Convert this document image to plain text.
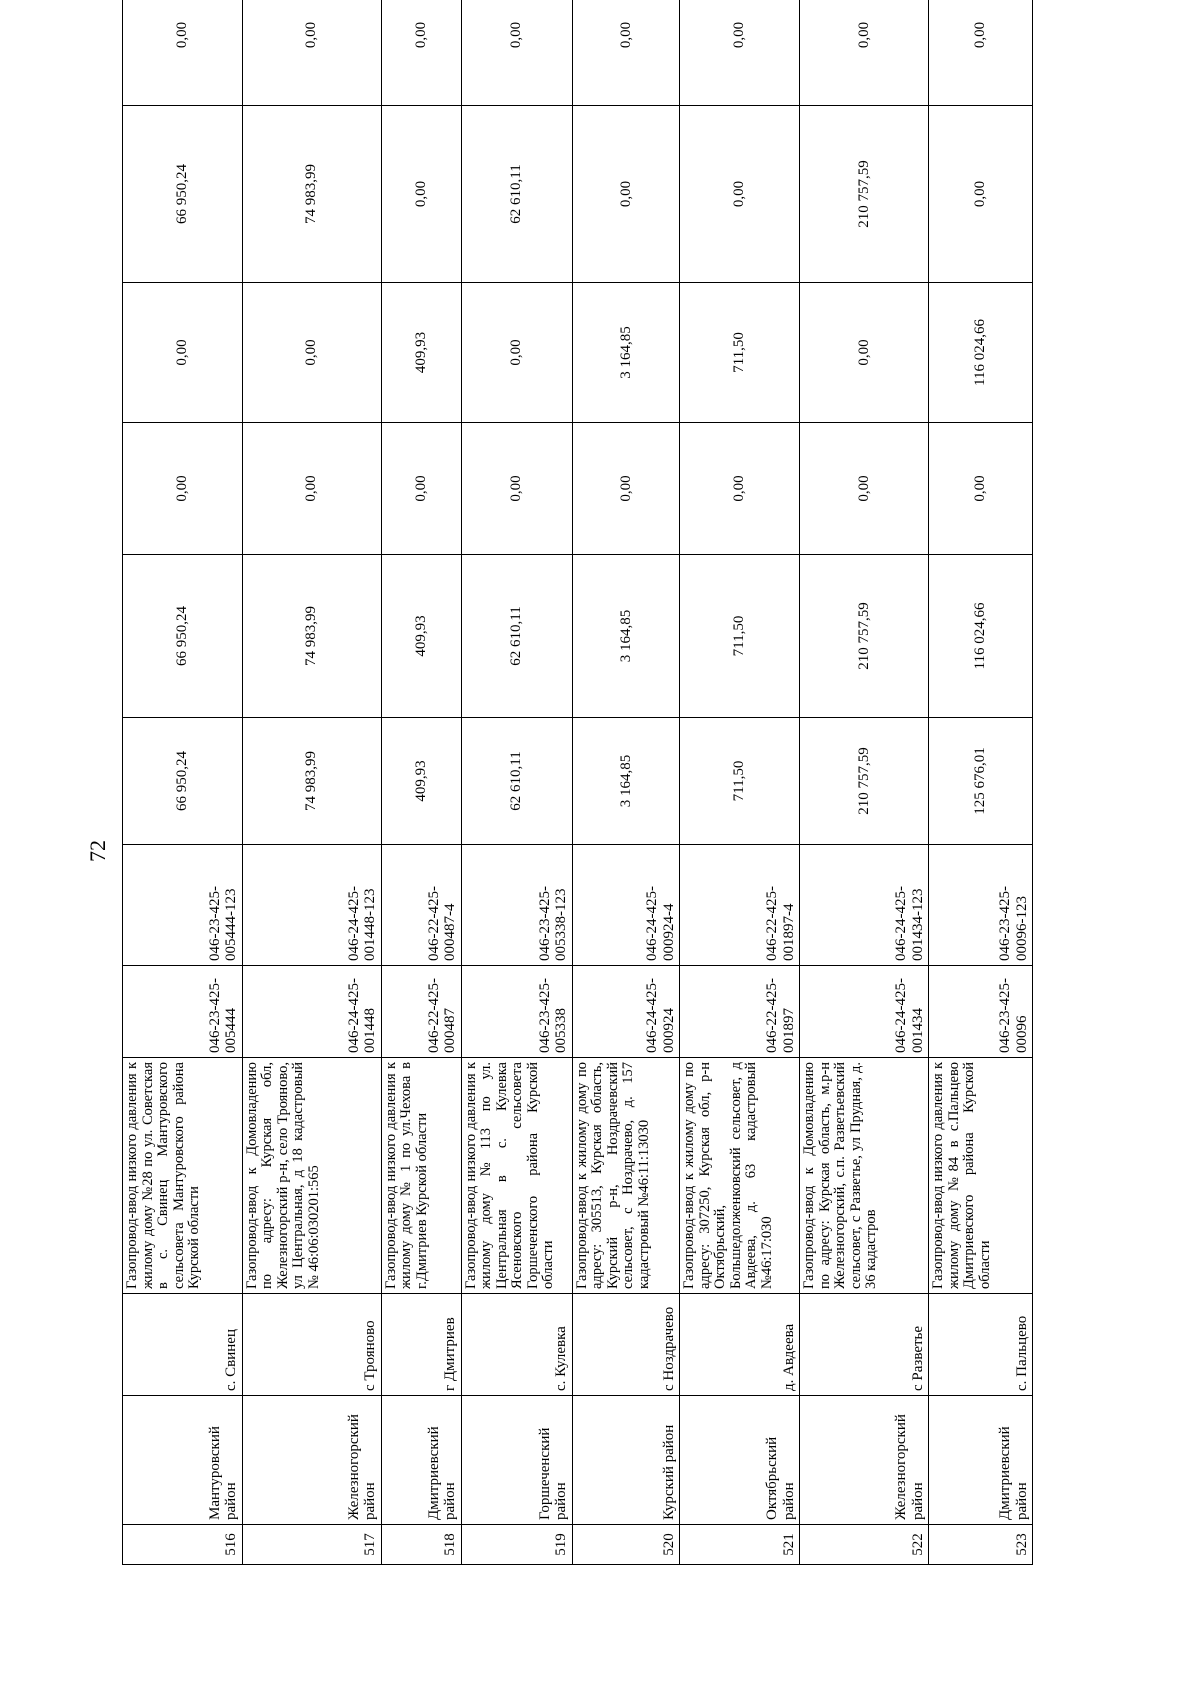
72
516	Мантуровский район	с. Свинец	Газопровод-ввод низкого давления к жилому дому №28 по ул. Советская в с. Свинец Мантуровского сельсовета Мантуровского района Курской области	046-23-425-005444	046-23-425-005444-123	66 950,24	66 950,24	0,00	0,00	66 950,24	0,00
517	Железногорский район	с Трояново	Газопровод-ввод к Домовладению по адресу: Курская обл, Железногорский р-н, село Трояново, ул Центральная, д 18 кадастровый № 46:06:030201:565	046-24-425-001448	046-24-425-001448-123	74 983,99	74 983,99	0,00	0,00	74 983,99	0,00
518	Дмитриевский район	г Дмитриев	Газопровод-ввод низкого давления к жилому дому № 1 по ул.Чехова в г.Дмитриев Курской области	046-22-425-000487	046-22-425-000487-4	409,93	409,93	0,00	409,93	0,00	0,00
519	Горшеченский район	с. Кулевка	Газопровод-ввод низкого давления к жилому дому №113 по ул. Центральная в с. Кулевка Ясеновского сельсовета Горшеченского района Курской области	046-23-425-005338	046-23-425-005338-123	62 610,11	62 610,11	0,00	0,00	62 610,11	0,00
520	Курский район	с Ноздрачево	Газопровод-ввод к жилому дому по адресу: 305513, Курская область, Курский р-н, Ноздрачевский сельсовет, с Ноздрачево, д. 157 кадастровый №46:11:13030	046-24-425-000924	046-24-425-000924-4	3 164,85	3 164,85	0,00	3 164,85	0,00	0,00
521	Октябрьский район	д. Авдеева	Газопровод-ввод к жилому дому по адресу: 307250, Курская обл, р-н Октябрьский, Большедолженковский сельсовет, д Авдеева, д. 63 кадастровый №46:17:030	046-22-425-001897	046-22-425-001897-4	711,50	711,50	0,00	711,50	0,00	0,00
522	Железногорский район	с Разветье	Газопровод-ввод к Домовладению по адресу: Курская область, м.р-н Железногорский, с.п. Разветьевский сельсовет, с Разветье, ул Прудная, д. 36 кадастров	046-24-425-001434	046-24-425-001434-123	210 757,59	210 757,59	0,00	0,00	210 757,59	0,00
523	Дмитриевский район	с. Пальцево	Газопровод-ввод низкого давления к жилому дому №84 в с.Пальцево Дмитриевского района Курской области	046-23-425-00096	046-23-425-00096-123	125 676,01	116 024,66	0,00	116 024,66	0,00	0,00
